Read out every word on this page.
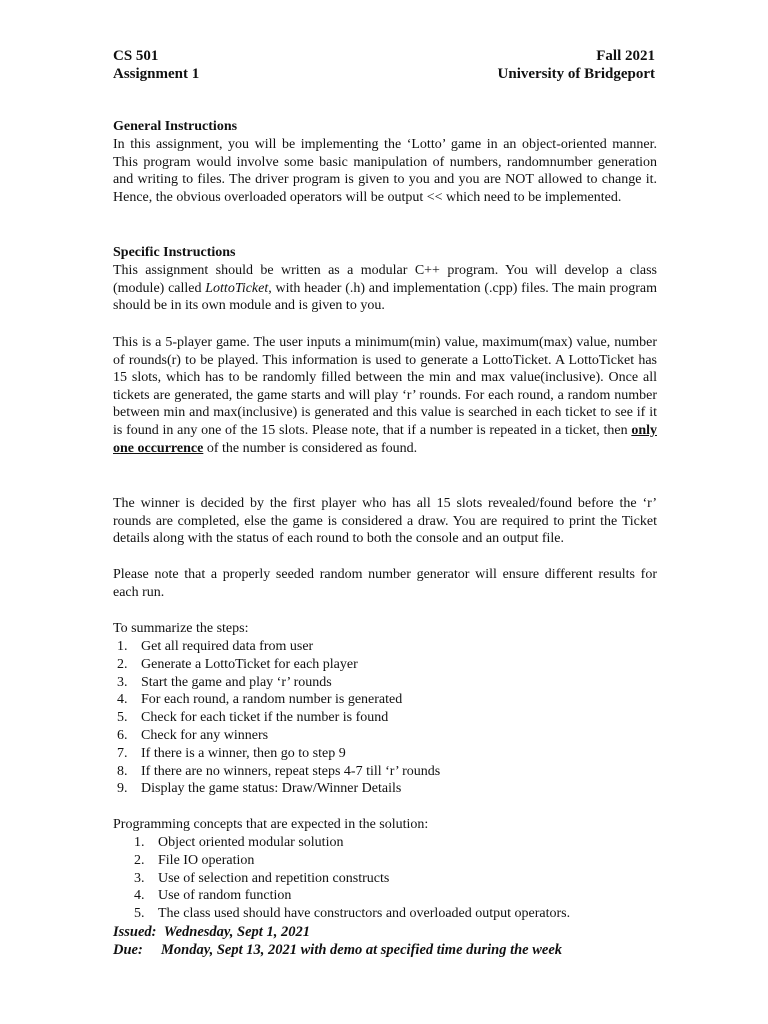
CS 501	Fall 2021
Assignment 1	University of Bridgeport
General Instructions
In this assignment, you will be implementing the ‘Lotto’ game in an object-oriented manner. This program would involve some basic manipulation of numbers, randomnumber generation and writing to files. The driver program is given to you and you are NOT allowed to change it. Hence, the obvious overloaded operators will be output << which need to be implemented.
Specific Instructions
This assignment should be written as a modular C++ program. You will develop a class (module) called LottoTicket, with header (.h) and implementation (.cpp) files. The main program should be in its own module and is given to you.
This is a 5-player game. The user inputs a minimum(min) value, maximum(max) value, number of rounds(r) to be played. This information is used to generate a LottoTicket. A LottoTicket has 15 slots, which has to be randomly filled between the min and max value(inclusive). Once all tickets are generated, the game starts and will play ‘r’ rounds. For each round, a random number between min and max(inclusive) is generated and this value is searched in each ticket to see if it is found in any one of the 15 slots. Please note, that if a number is repeated in a ticket, then only one occurrence of the number is considered as found.
The winner is decided by the first player who has all 15 slots revealed/found before the ‘r’ rounds are completed, else the game is considered a draw. You are required to print the Ticket details along with the status of each round to both the console and an output file.
Please note that a properly seeded random number generator will ensure different results for each run.
To summarize the steps:
1. Get all required data from user
2. Generate a LottoTicket for each player
3. Start the game and play ‘r’ rounds
4. For each round, a random number is generated
5. Check for each ticket if the number is found
6. Check for any winners
7. If there is a winner, then go to step 9
8. If there are no winners, repeat steps 4-7 till ‘r’ rounds
9. Display the game status: Draw/Winner Details
Programming concepts that are expected in the solution:
1. Object oriented modular solution
2. File IO operation
3. Use of selection and repetition constructs
4. Use of random function
5. The class used should have constructors and overloaded output operators.
Issued: Wednesday, Sept 1, 2021
Due: Monday, Sept 13, 2021 with demo at specified time during the week
